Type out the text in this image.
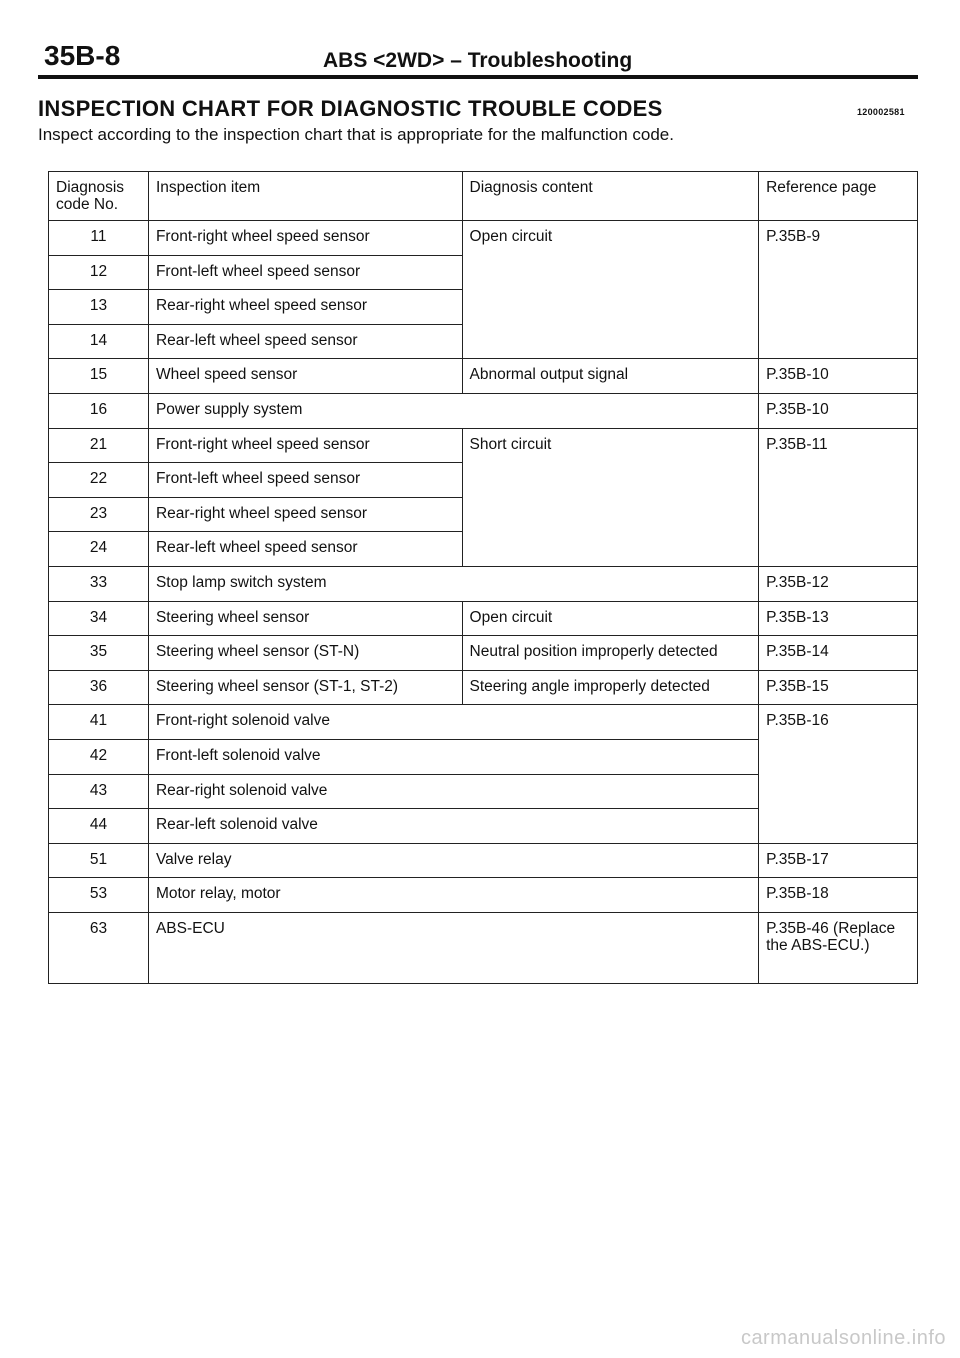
35B-8	ABS <2WD> – Troubleshooting
INSPECTION CHART FOR DIAGNOSTIC TROUBLE CODES	120002581
Inspect according to the inspection chart that is appropriate for the malfunction code.
Diagnosis code No.	Inspection item	Diagnosis content	Reference page
11	Front-right wheel speed sensor	Open circuit	P.35B-9
12	Front-left wheel speed sensor		
13	Rear-right wheel speed sensor		
14	Rear-left wheel speed sensor		
15	Wheel speed sensor	Abnormal output signal	P.35B-10
16	Power supply system		P.35B-10
21	Front-right wheel speed sensor	Short circuit	P.35B-11
22	Front-left wheel speed sensor		
23	Rear-right wheel speed sensor		
24	Rear-left wheel speed sensor		
33	Stop lamp switch system		P.35B-12
34	Steering wheel sensor	Open circuit	P.35B-13
35	Steering wheel sensor (ST-N)	Neutral position improperly detected	P.35B-14
36	Steering wheel sensor (ST-1, ST-2)	Steering angle improperly detected	P.35B-15
41	Front-right solenoid valve		P.35B-16
42	Front-left solenoid valve		
43	Rear-right solenoid valve		
44	Rear-left solenoid valve		
51	Valve relay		P.35B-17
53	Motor relay, motor		P.35B-18
63	ABS-ECU		P.35B-46 (Replace the ABS-ECU.)
carmanualsonline.info
